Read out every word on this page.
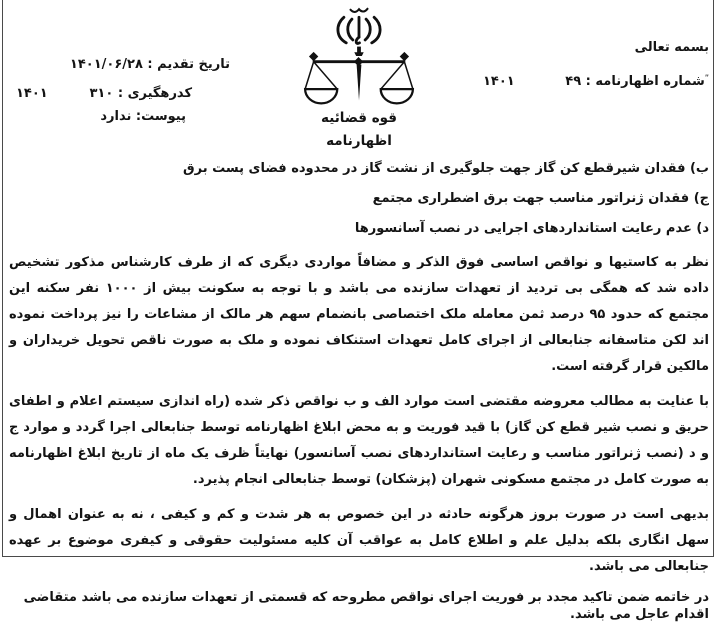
بسمه تعالی
$^ʺ$شماره اظهارنامه : ۴۹
۱۴۰۱
تاریخ تقدیم : ۱۴۰۱/۰۶/۲۸
کدرهگیری : ۳۱۰
۱۴۰۱
پیوست: ندارد	قوه قضائیه
اظهارنامه
ب) فقدان شیرقطع کن گاز جهت جلوگیری از نشت گاز در محدوده فضای پست برق
ج) فقدان ژنراتور مناسب جهت برق اضطراری مجتمع
د) عدم رعایت استانداردهای اجرایی در نصب آسانسورها

نظر به کاستیها و نواقص اساسی فوق الذکر و مضافاً مواردی دیگری که از طرف کارشناس مذکور تشخیص داده شد که همگی بی تردید از تعهدات سازنده می باشد و با توجه به سکونت بیش از ۱۰۰۰ نفر سکنه این مجتمع که حدود ۹۵ درصد ثمن معامله ملک اختصاصی بانضمام سهم هر مالک از مشاعات را نیز پرداخت نموده اند لکن متاسفانه جنابعالی از اجرای کامل تعهدات استنکاف نموده و ملک به صورت ناقص تحویل خریداران و مالکین قرار گرفته است.

با عنایت به مطالب معروضه مقتضی است موارد الف و ب نواقص ذکر شده (راه اندازی سیستم اعلام و اطفای حریق و نصب شیر قطع کن گاز) با قید فوریت و به محض ابلاغ اظهارنامه توسط جنابعالی اجرا گردد و موارد ج و د (نصب ژنراتور مناسب و رعایت استانداردهای نصب آسانسور) نهایتاً ظرف یک ماه از تاریخ ابلاغ اظهارنامه به صورت کامل در مجتمع مسکونی شهران (پزشکان) توسط جنابعالی انجام پذیرد.

بدیهی است در صورت بروز هرگونه حادثه در این خصوص به هر شدت و کم و کیفی ، نه به عنوان اهمال و سهل انگاری بلکه بدلیل علم و اطلاع کامل به عواقب آن کلیه مسئولیت حقوقی و کیفری موضوع بر عهده جنابعالی می باشد.

در خاتمه ضمن تاکید مجدد بر فوریت اجرای نواقص مطروحه که قسمتی از تعهدات سازنده می باشد متقاضی اقدام عاجل می باشد.
